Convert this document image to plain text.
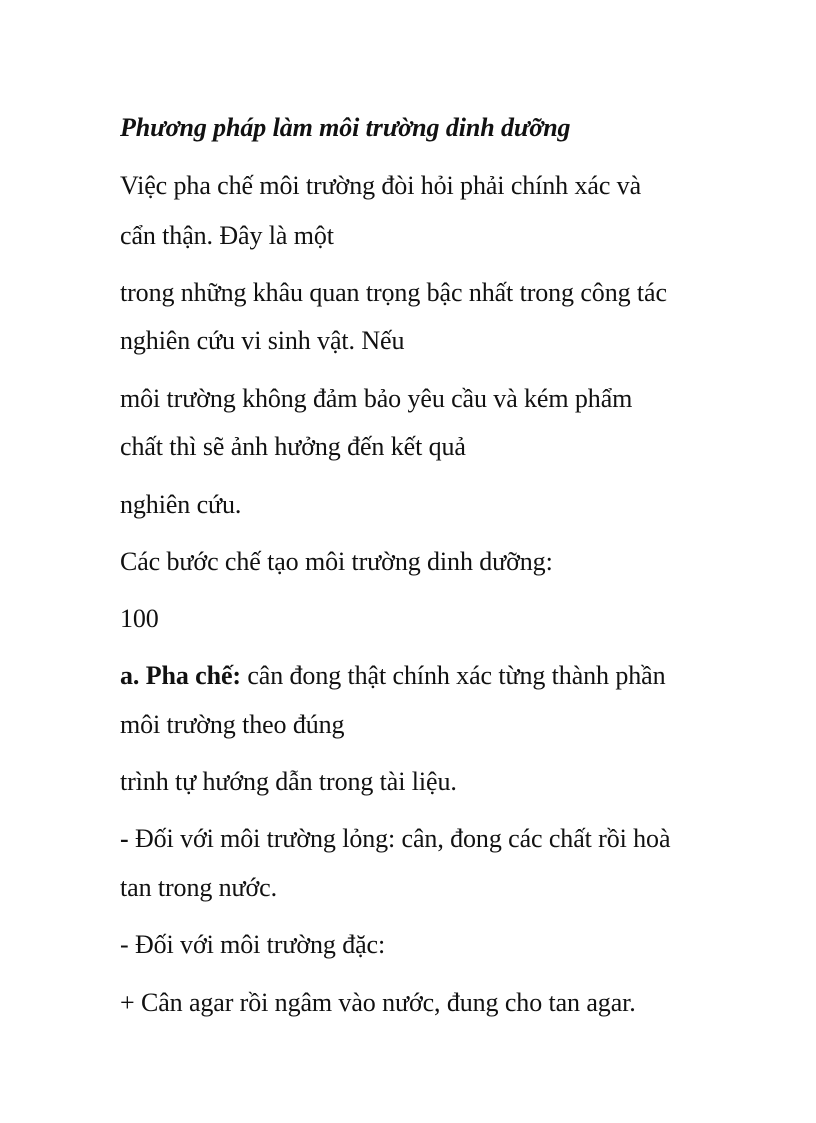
Phương pháp làm môi trường dinh dưỡng
Việc pha chế môi trường đòi hỏi phải chính xác và
cẩn thận. Đây là một
trong những khâu quan trọng bậc nhất trong công tác
nghiên cứu vi sinh vật. Nếu
môi trường không đảm bảo yêu cầu và kém phẩm
chất thì sẽ ảnh hưởng đến kết quả
nghiên cứu.
Các bước chế tạo môi trường dinh dưỡng:
100
a. Pha chế: cân đong thật chính xác từng thành phần
môi trường theo đúng
trình tự hướng dẫn trong tài liệu.
- Đối với môi trường lỏng: cân, đong các chất rồi hoà
tan trong nước.
- Đối với môi trường đặc:
+ Cân agar rồi ngâm vào nước, đung cho tan agar.
